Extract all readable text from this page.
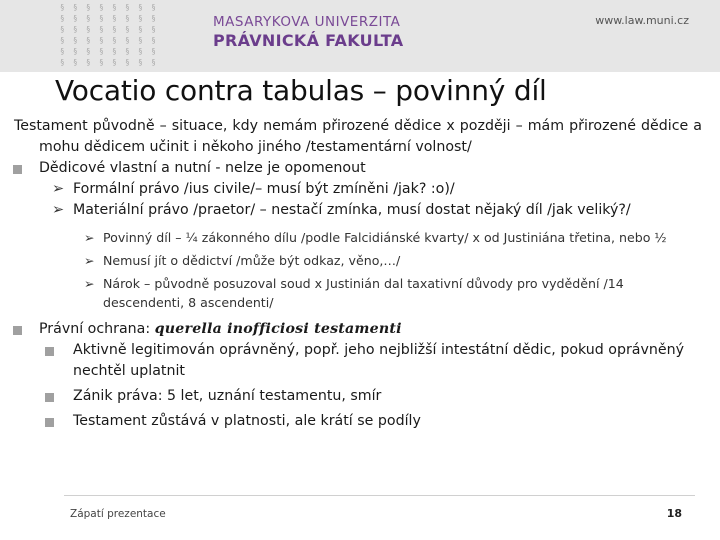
§ § § § § § § §
§ § § § § § § §
§ § § § § § § §
§ § § § § § § §
§ § § § § § § §
§ § § § § § § §
MASARYKOVA UNIVERZITA
PRÁVNICKÁ FAKULTA
www.law.muni.cz
Vocatio contra tabulas – povinný díl
Testament původně – situace, kdy nemám přirozené dědice x později – mám přirozené dědice a mohu dědicem učinit i někoho jiného /testamentární volnost/
Dědicové vlastní a nutní - nelze je opomenout
➢ Formální právo /ius civile/– musí být zmíněni /jak? :o)/
➢ Materiální právo /praetor/ – nestačí zmínka, musí dostat nějaký díl /jak veliký?/
➢ Povinný díl – ¼ zákonného dílu /podle Falcidiánské kvarty/ x od Justiniána třetina, nebo ½
➢ Nemusí jít o dědictví /může být odkaz, věno,…/
➢ Nárok – původně posuzoval soud x Justinián dal taxativní důvody pro vydědění /14 descendenti, 8 ascendenti/
Právní ochrana: querella inofficiosi testamenti
Aktivně legitimován oprávněný, popř. jeho nejbližší intestátní dědic, pokud oprávněný nechtěl uplatnit
Zánik práva: 5 let, uznání testamentu, smír
Testament zůstává v platnosti, ale krátí se podíly
Zápatí prezentace	18
